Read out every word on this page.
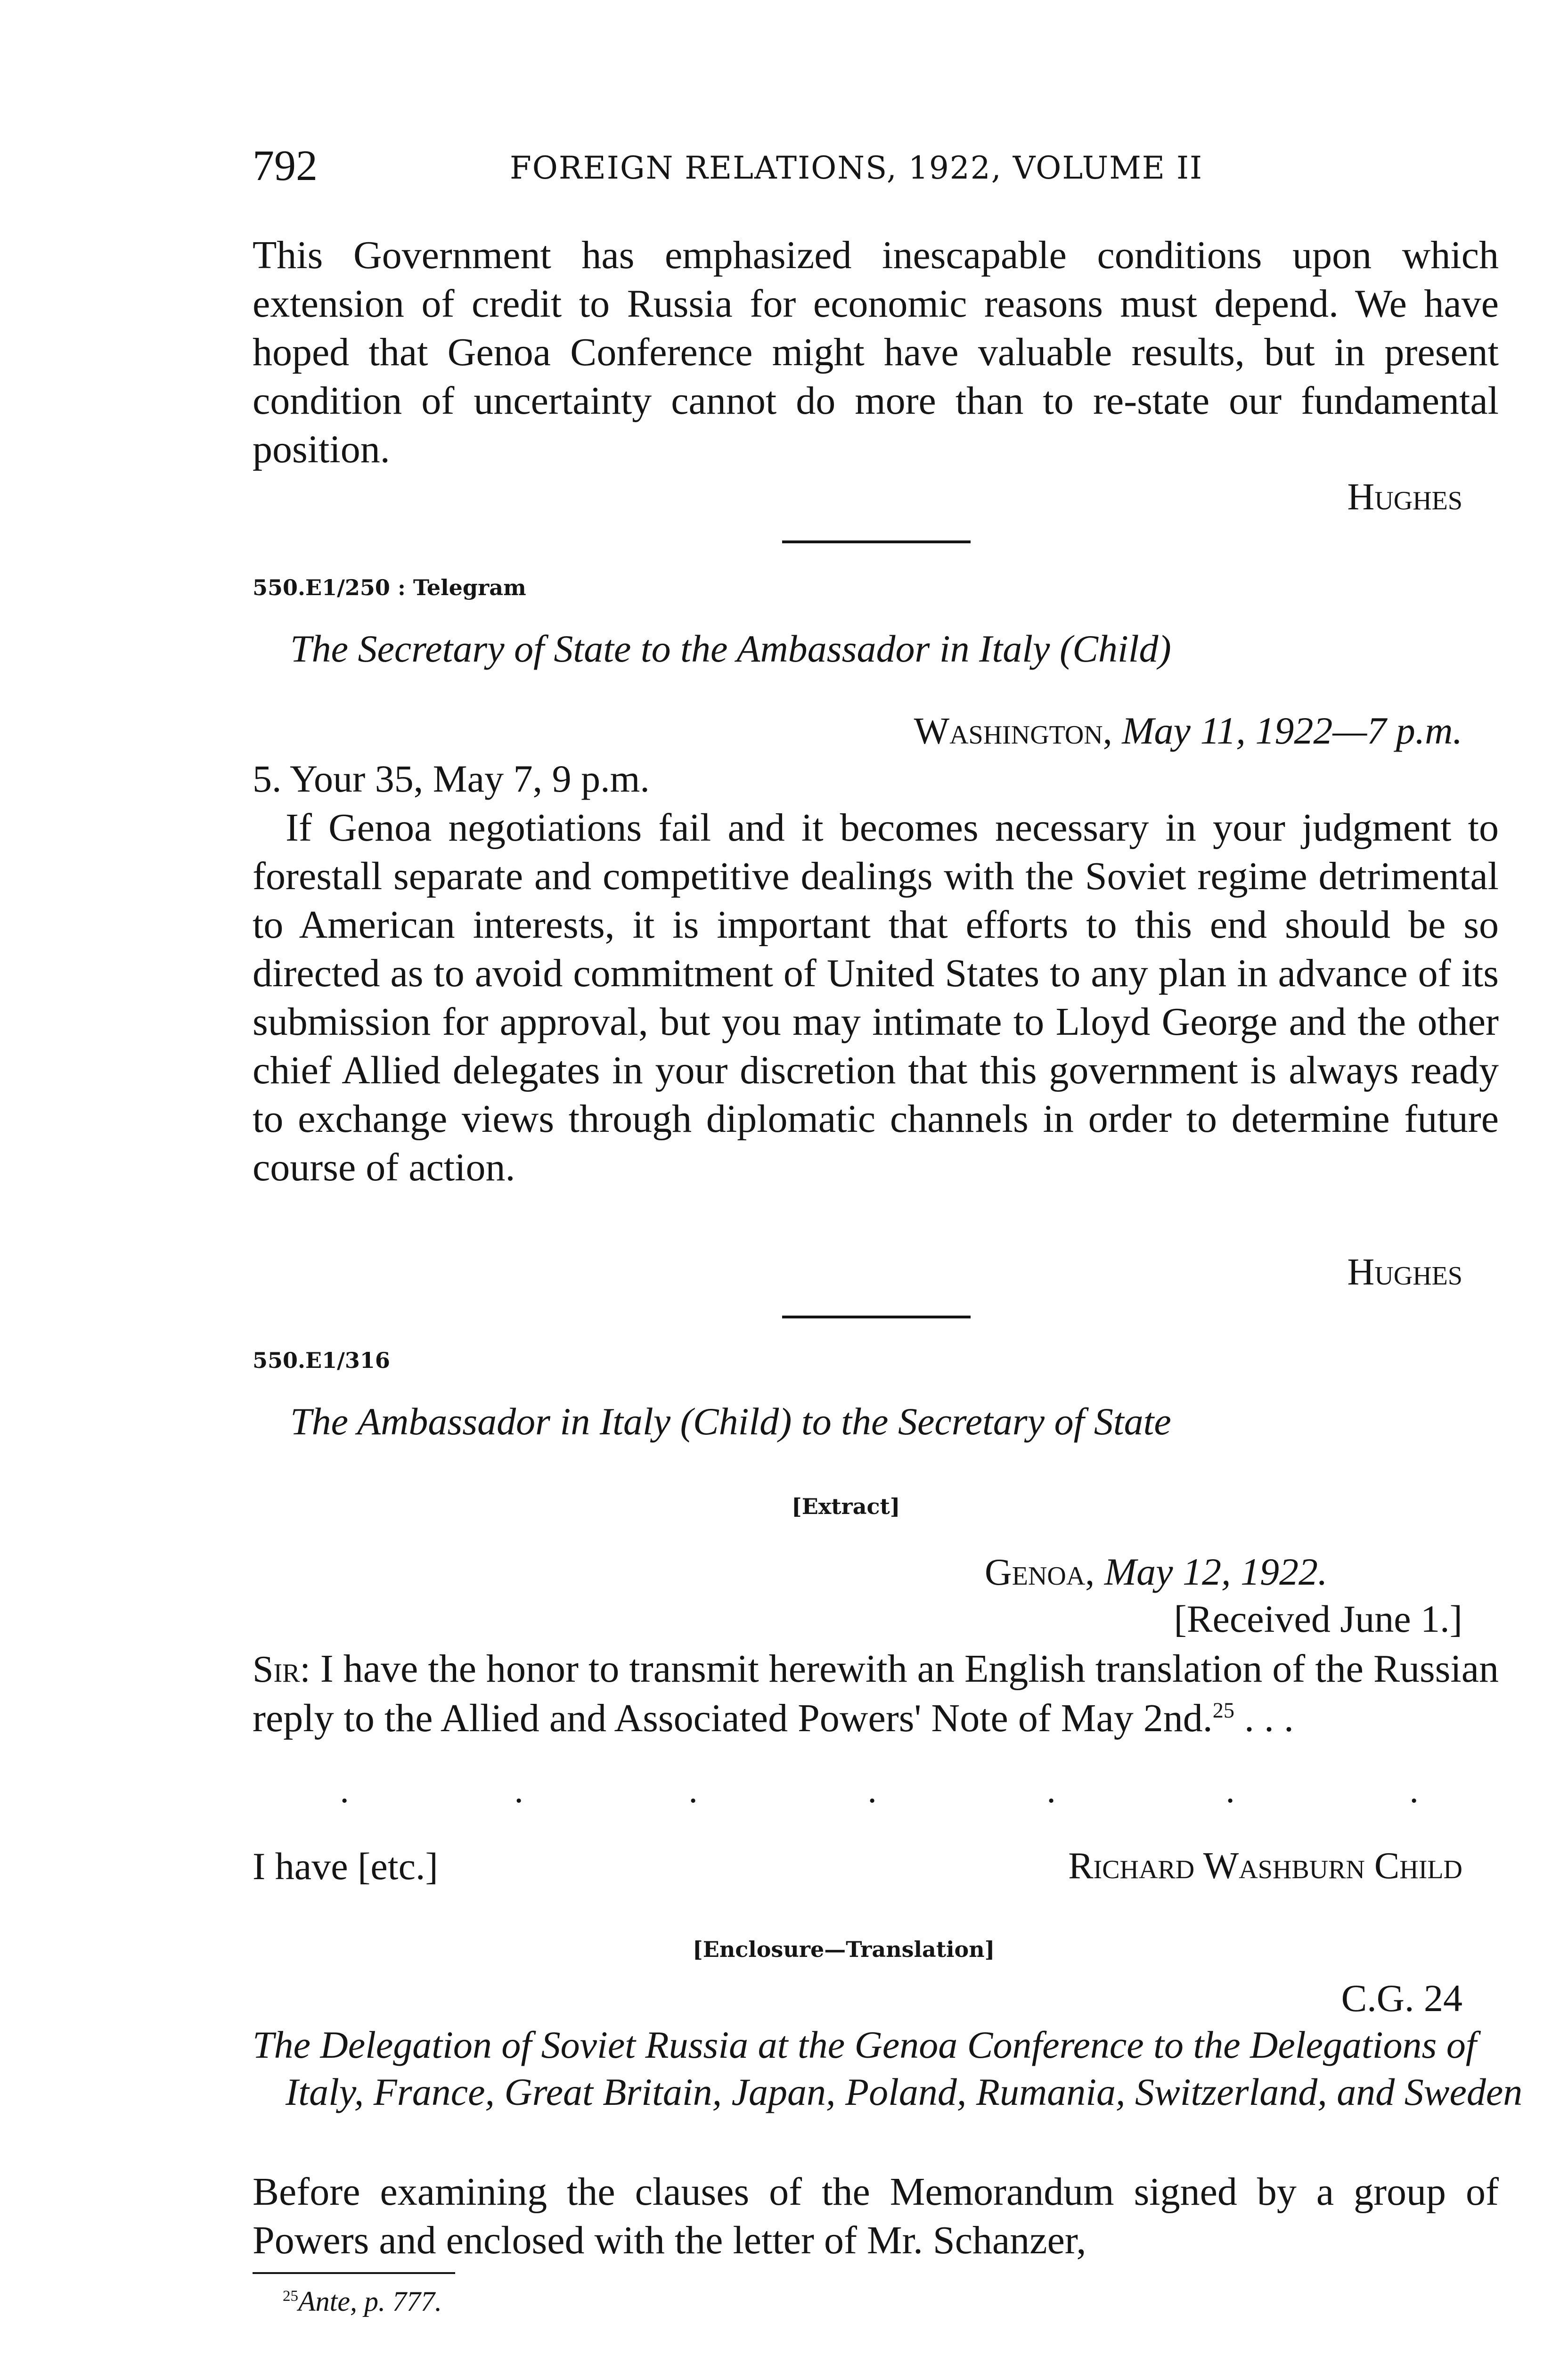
792	FOREIGN RELATIONS, 1922, VOLUME II
This Government has emphasized inescapable conditions upon which extension of credit to Russia for economic reasons must depend. We have hoped that Genoa Conference might have valuable results, but in present condition of uncertainty cannot do more than to re-state our fundamental position.
Hughes
550.E1/250 : Telegram
The Secretary of State to the Ambassador in Italy (Child)
Washington, May 11, 1922—7 p.m.
5. Your 35, May 7, 9 p.m.
If Genoa negotiations fail and it becomes necessary in your judgment to forestall separate and competitive dealings with the Soviet regime detrimental to American interests, it is important that efforts to this end should be so directed as to avoid commitment of United States to any plan in advance of its submission for approval, but you may intimate to Lloyd George and the other chief Allied delegates in your discretion that this government is always ready to exchange views through diplomatic channels in order to determine future course of action.
Hughes
550.E1/316
The Ambassador in Italy (Child) to the Secretary of State
[Extract]
Genoa, May 12, 1922.
[Received June 1.]
Sir: I have the honor to transmit herewith an English translation of the Russian reply to the Allied and Associated Powers' Note of May 2nd.$^{25}$ . . .
.	.	.	.	.	.	.
I have [etc.]	Richard Washburn Child
[Enclosure—Translation]
C.G. 24
The Delegation of Soviet Russia at the Genoa Conference to the Delegations of Italy, France, Great Britain, Japan, Poland, Rumania, Switzerland, and Sweden
Before examining the clauses of the Memorandum signed by a group of Powers and enclosed with the letter of Mr. Schanzer,
$^{25}$Ante, p. 777.
